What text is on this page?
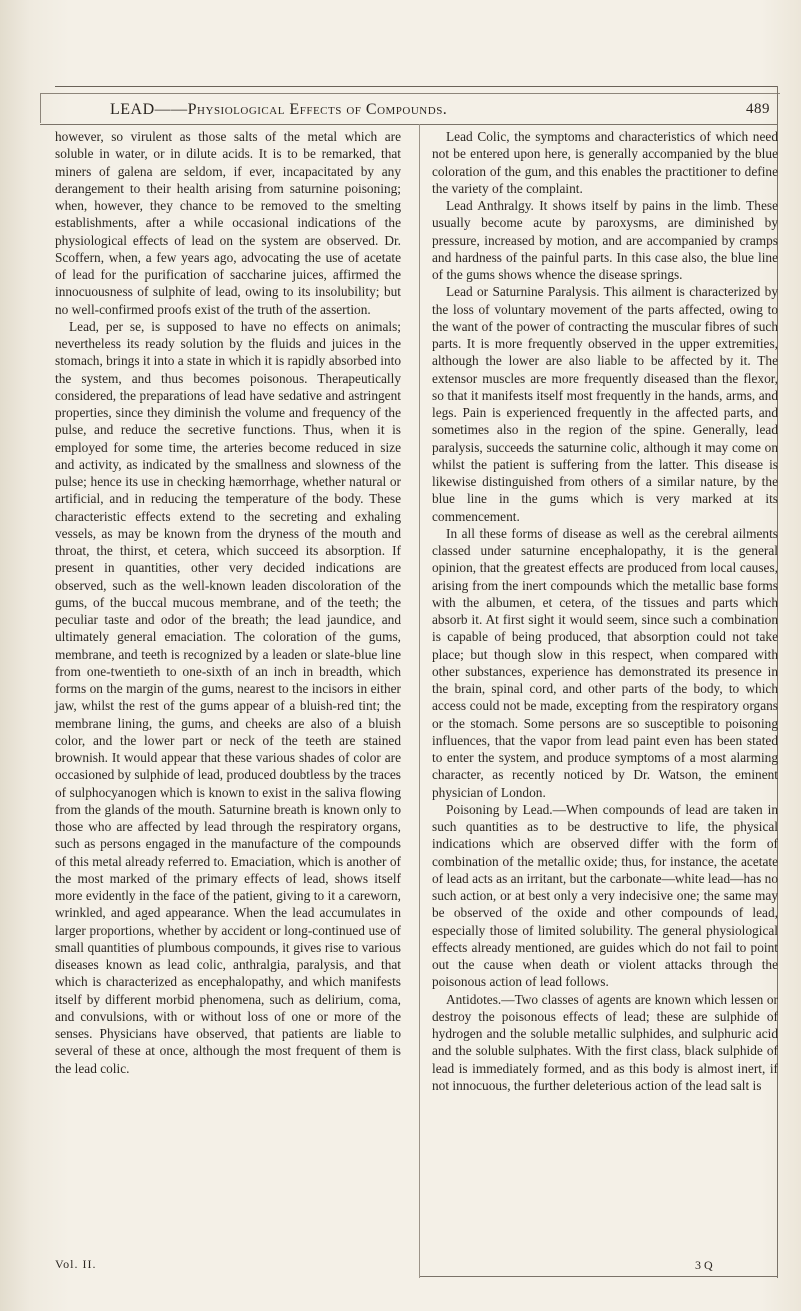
LEAD——Physiological Effects of Compounds.	489

however, so virulent as those salts of the metal which are soluble in water, or in dilute acids. It is to be remarked, that miners of galena are seldom, if ever, incapacitated by any derangement to their health arising from saturnine poisoning; when, however, they chance to be removed to the smelting establishments, after a while occasional indications of the physiological effects of lead on the system are observed. Dr. Scoffern, when, a few years ago, advocating the use of acetate of lead for the purification of saccharine juices, affirmed the innocuousness of sulphite of lead, owing to its insolubility; but no well-confirmed proofs exist of the truth of the assertion.

Lead, per se, is supposed to have no effects on animals; nevertheless its ready solution by the fluids and juices in the stomach, brings it into a state in which it is rapidly absorbed into the system, and thus becomes poisonous. Therapeutically considered, the preparations of lead have sedative and astringent properties, since they diminish the volume and frequency of the pulse, and reduce the secretive functions. Thus, when it is employed for some time, the arteries become reduced in size and activity, as indicated by the smallness and slowness of the pulse; hence its use in checking hæmorrhage, whether natural or artificial, and in reducing the temperature of the body. These characteristic effects extend to the secreting and exhaling vessels, as may be known from the dryness of the mouth and throat, the thirst, et cetera, which succeed its absorption. If present in quantities, other very decided indications are observed, such as the well-known leaden discoloration of the gums, of the buccal mucous membrane, and of the teeth; the peculiar taste and odor of the breath; the lead jaundice, and ultimately general emaciation. The coloration of the gums, membrane, and teeth is recognized by a leaden or slate-blue line from one-twentieth to one-sixth of an inch in breadth, which forms on the margin of the gums, nearest to the incisors in either jaw, whilst the rest of the gums appear of a bluish-red tint; the membrane lining, the gums, and cheeks are also of a bluish color, and the lower part or neck of the teeth are stained brownish. It would appear that these various shades of color are occasioned by sulphide of lead, produced doubtless by the traces of sulphocyanogen which is known to exist in the saliva flowing from the glands of the mouth. Saturnine breath is known only to those who are affected by lead through the respiratory organs, such as persons engaged in the manufacture of the compounds of this metal already referred to. Emaciation, which is another of the most marked of the primary effects of lead, shows itself more evidently in the face of the patient, giving to it a careworn, wrinkled, and aged appearance. When the lead accumulates in larger proportions, whether by accident or long-continued use of small quantities of plumbous compounds, it gives rise to various diseases known as lead colic, anthralgia, paralysis, and that which is characterized as encephalopathy, and which manifests itself by different morbid phenomena, such as delirium, coma, and convulsions, with or without loss of one or more of the senses. Physicians have observed, that patients are liable to several of these at once, although the most frequent of them is the lead colic.

Lead Colic, the symptoms and characteristics of which need not be entered upon here, is generally accompanied by the blue coloration of the gum, and this enables the practitioner to define the variety of the complaint.

Lead Anthralgy. It shows itself by pains in the limb. These usually become acute by paroxysms, are diminished by pressure, increased by motion, and are accompanied by cramps and hardness of the painful parts. In this case also, the blue line of the gums shows whence the disease springs.

Lead or Saturnine Paralysis. This ailment is characterized by the loss of voluntary movement of the parts affected, owing to the want of the power of contracting the muscular fibres of such parts. It is more frequently observed in the upper extremities, although the lower are also liable to be affected by it. The extensor muscles are more frequently diseased than the flexor, so that it manifests itself most frequently in the hands, arms, and legs. Pain is experienced frequently in the affected parts, and sometimes also in the region of the spine. Generally, lead paralysis, succeeds the saturnine colic, although it may come on whilst the patient is suffering from the latter. This disease is likewise distinguished from others of a similar nature, by the blue line in the gums which is very marked at its commencement.

In all these forms of disease as well as the cerebral ailments classed under saturnine encephalopathy, it is the general opinion, that the greatest effects are produced from local causes, arising from the inert compounds which the metallic base forms with the albumen, et cetera, of the tissues and parts which absorb it. At first sight it would seem, since such a combination is capable of being produced, that absorption could not take place; but though slow in this respect, when compared with other substances, experience has demonstrated its presence in the brain, spinal cord, and other parts of the body, to which access could not be made, excepting from the respiratory organs or the stomach. Some persons are so susceptible to poisoning influences, that the vapor from lead paint even has been stated to enter the system, and produce symptoms of a most alarming character, as recently noticed by Dr. Watson, the eminent physician of London.

Poisoning by Lead.—When compounds of lead are taken in such quantities as to be destructive to life, the physical indications which are observed differ with the form of combination of the metallic oxide; thus, for instance, the acetate of lead acts as an irritant, but the carbonate—white lead—has no such action, or at best only a very indecisive one; the same may be observed of the oxide and other compounds of lead, especially those of limited solubility. The general physiological effects already mentioned, are guides which do not fail to point out the cause when death or violent attacks through the poisonous action of lead follows.

Antidotes.—Two classes of agents are known which lessen or destroy the poisonous effects of lead; these are sulphide of hydrogen and the soluble metallic sulphides, and sulphuric acid and the soluble sulphates. With the first class, black sulphide of lead is immediately formed, and as this body is almost inert, if not innocuous, the further deleterious action of the lead salt is

Vol. II.	3 Q
